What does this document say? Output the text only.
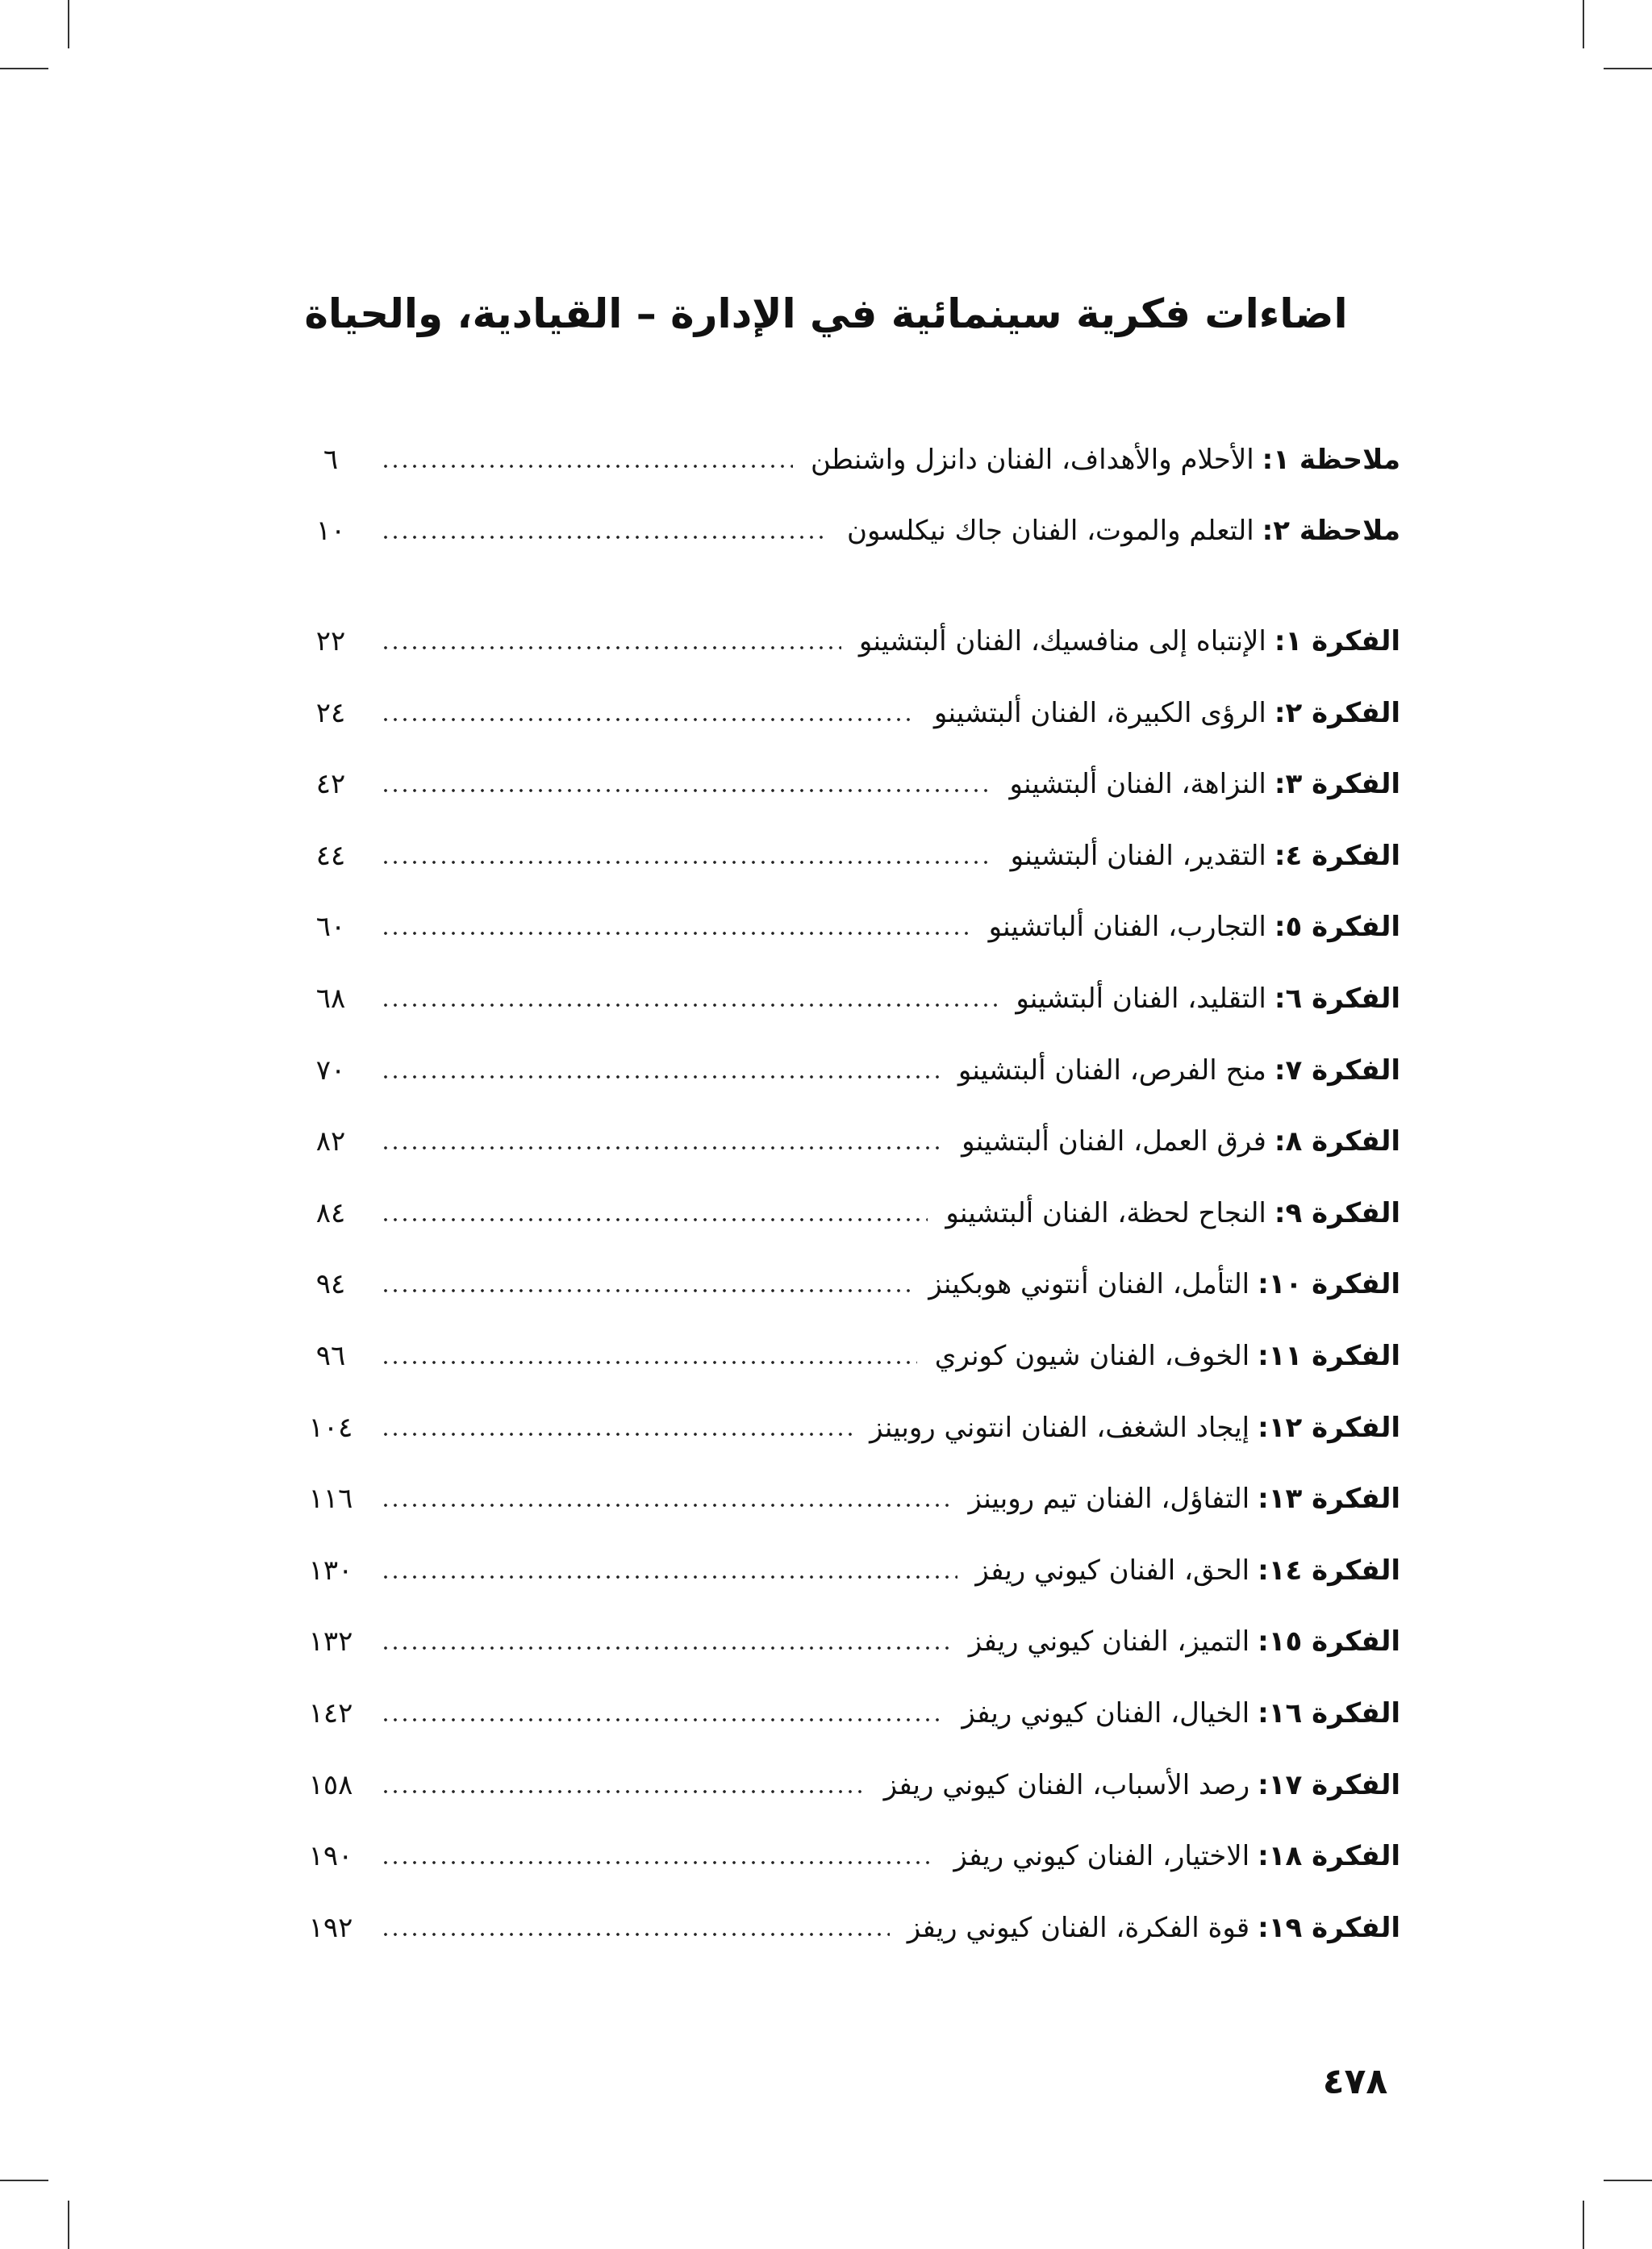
اضاءات فكرية سينمائية في الإدارة – القيادية، والحياة
ملاحظة ١
:
الأحلام والأهداف، الفنان دانزل واشنطن
٦
ملاحظة ٢
:
التعلم والموت، الفنان جاك نيكلسون
١٠
الفكرة ١
:
الإنتباه إلى منافسيك، الفنان ألبتشينو
٢٢
الفكرة ٢
:
الرؤى الكبيرة، الفنان ألبتشينو
٢٤
الفكرة ٣
:
النزاهة، الفنان ألبتشينو
٤٢
الفكرة ٤
:
التقدير، الفنان ألبتشينو
٤٤
الفكرة ٥
:
التجارب، الفنان ألباتشينو
٦٠
الفكرة ٦
:
التقليد، الفنان ألبتشينو
٦٨
الفكرة ٧
:
منح الفرص، الفنان ألبتشينو
٧٠
الفكرة ٨
:
فرق العمل، الفنان ألبتشينو
٨٢
الفكرة ٩
:
النجاح لحظة، الفنان ألبتشينو
٨٤
الفكرة ١٠
:
التأمل، الفنان أنتوني هوبكينز
٩٤
الفكرة ١١
:
الخوف، الفنان شيون كونري
٩٦
الفكرة ١٢
:
إيجاد الشغف، الفنان انتوني روبينز
١٠٤
الفكرة ١٣
:
التفاؤل، الفنان تيم روبينز
١١٦
الفكرة ١٤
:
الحق، الفنان كيوني ريفز
١٣٠
الفكرة ١٥
:
التميز، الفنان كيوني ريفز
١٣٢
الفكرة ١٦
:
الخيال، الفنان كيوني ريفز
١٤٢
الفكرة ١٧
:
رصد الأسباب، الفنان كيوني ريفز
١٥٨
الفكرة ١٨
:
الاختيار، الفنان كيوني ريفز
١٩٠
الفكرة ١٩
:
قوة الفكرة، الفنان كيوني ريفز
١٩٢
٤٧٨
